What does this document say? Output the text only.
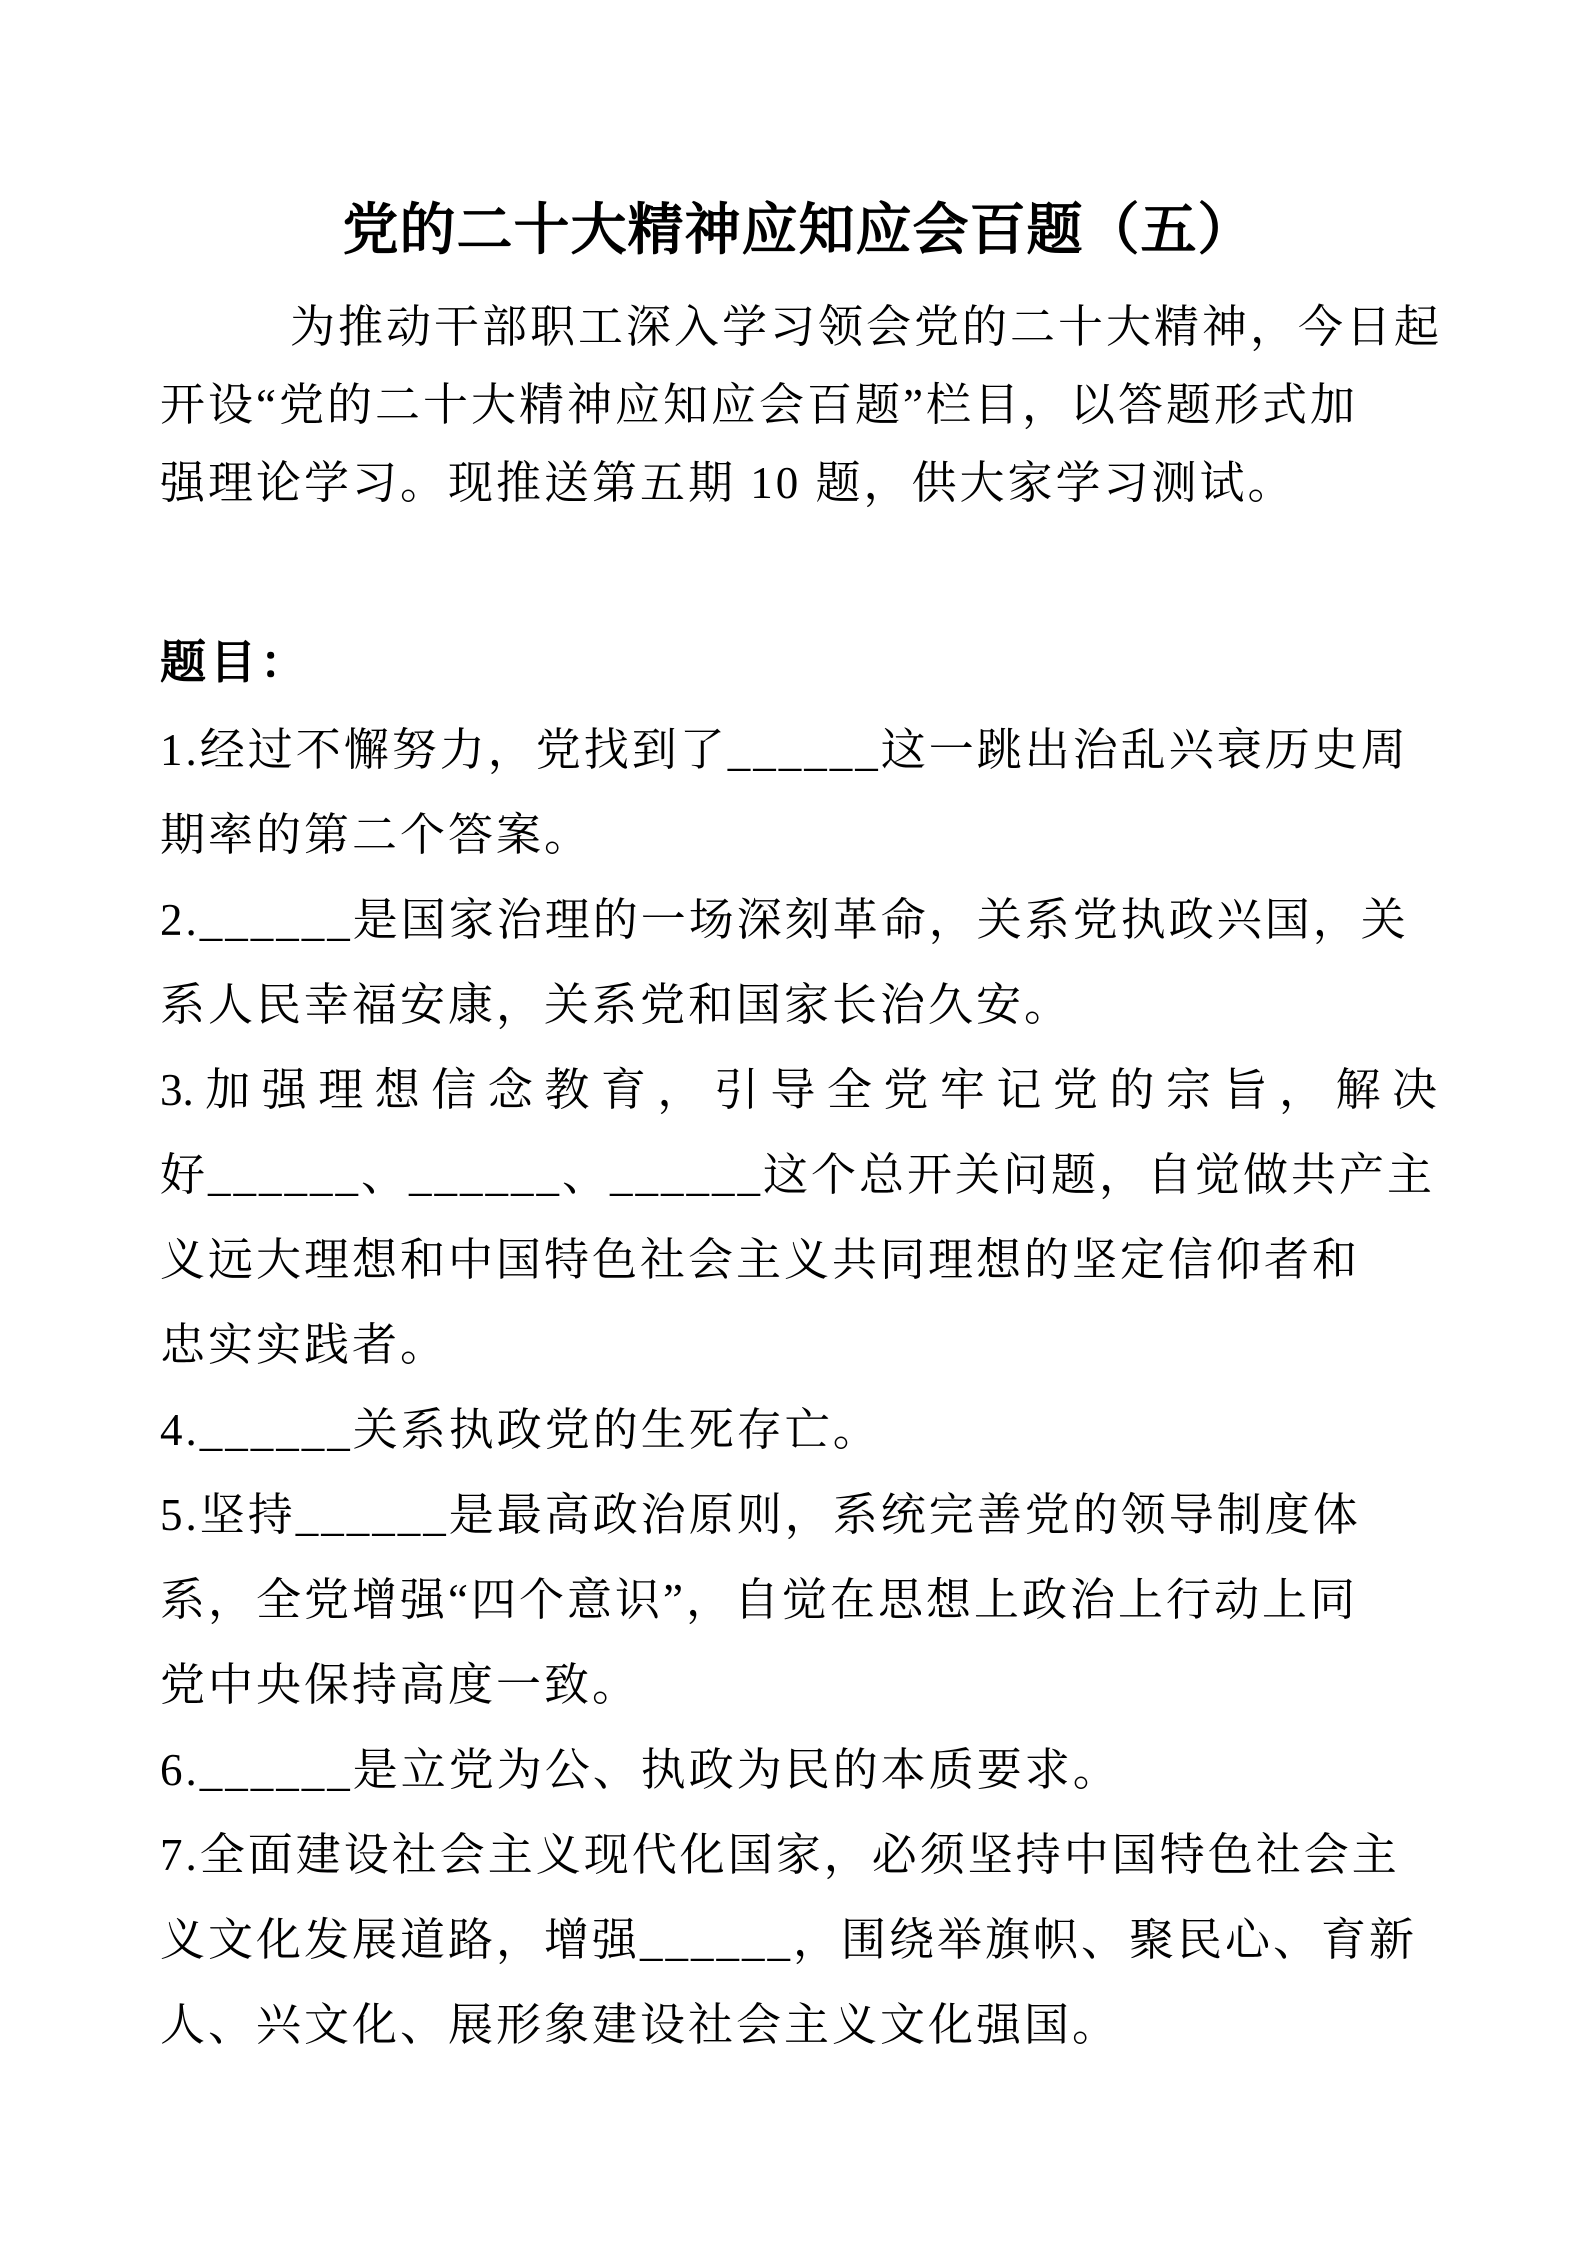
党的二十大精神应知应会百题（五）
为推动干部职工深入学习领会党的二十大精神，今日起
开设“党的二十大精神应知应会百题”栏目，以答题形式加
强理论学习。现推送第五期 10 题，供大家学习测试。
题目：
1.经过不懈努力，党找到了______这一跳出治乱兴衰历史周
期率的第二个答案。
2.______是国家治理的一场深刻革命，关系党执政兴国，关
系人民幸福安康，关系党和国家长治久安。
3.加强理想信念教育，引导全党牢记党的宗旨，解决
好______、______、______这个总开关问题，自觉做共产主
义远大理想和中国特色社会主义共同理想的坚定信仰者和
忠实实践者。
4.______关系执政党的生死存亡。
5.坚持______是最高政治原则，系统完善党的领导制度体
系，全党增强“四个意识”，自觉在思想上政治上行动上同
党中央保持高度一致。
6.______是立党为公、执政为民的本质要求。
7.全面建设社会主义现代化国家，必须坚持中国特色社会主
义文化发展道路，增强______，围绕举旗帜、聚民心、育新
人、兴文化、展形象建设社会主义文化强国。
